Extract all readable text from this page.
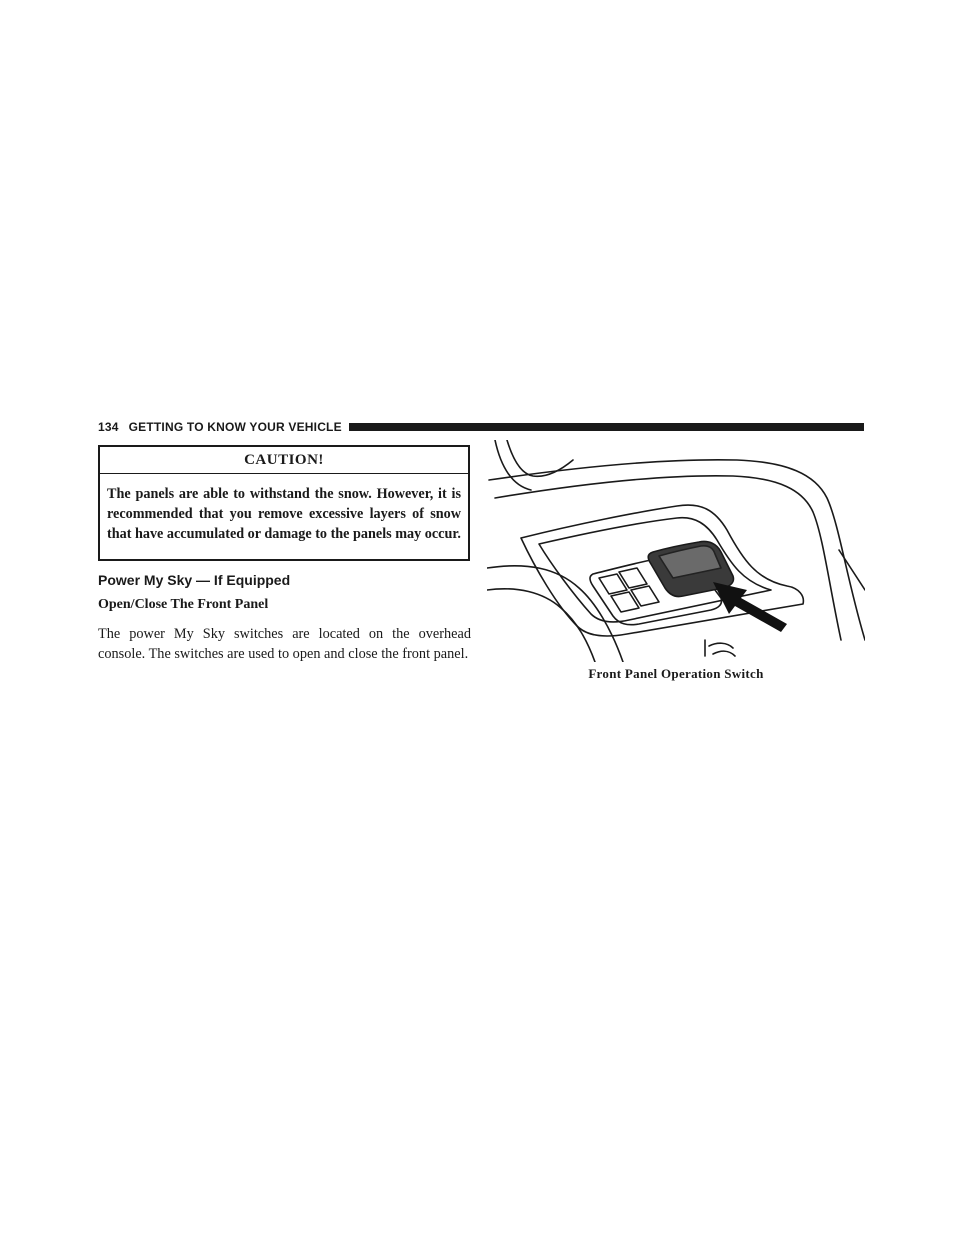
134 GETTING TO KNOW YOUR VEHICLE
CAUTION!
The panels are able to withstand the snow. However, it is recommended that you remove excessive layers of snow that have accumulated or damage to the panels may occur.
Power My Sky — If Equipped
Open/Close The Front Panel
The power My Sky switches are located on the overhead console. The switches are used to open and close the front panel.
Front Panel Operation Switch
